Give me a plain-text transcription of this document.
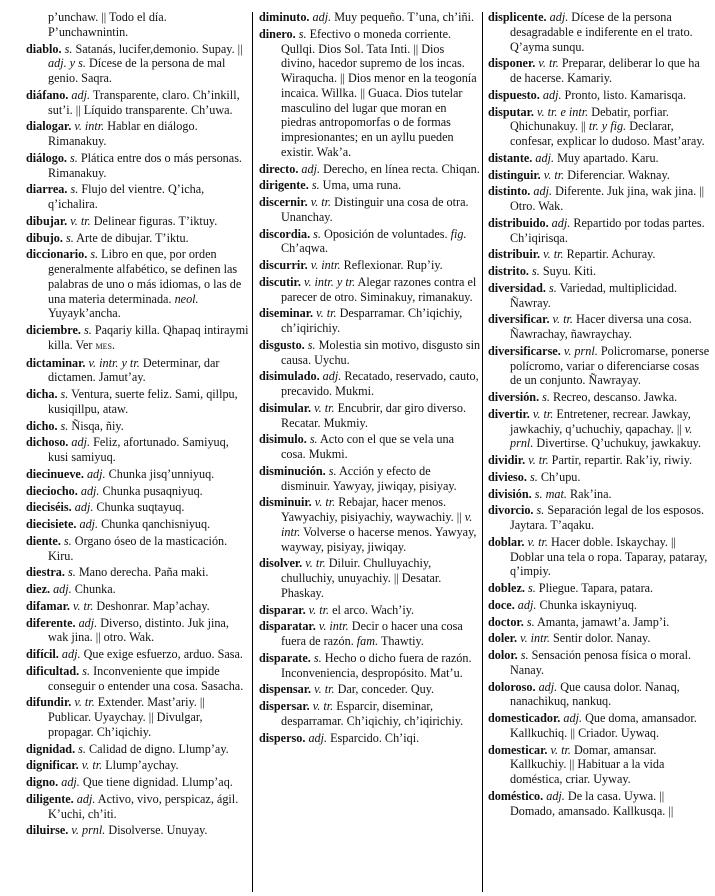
p’unchaw. || Todo el día. P’unchawnintin.
diablo. s. Satanás, lucifer,demonio. Supay. || adj. y s. Dícese de la persona de mal genio. Saqra.
diáfano. adj. Transparente, claro. Ch’inkill, sut’i. || Líquido transparente. Ch’uwa.
dialogar. v. intr. Hablar en diálogo. Rimanakuy.
diálogo. s. Plática entre dos o más personas. Rimanakuy.
diarrea. s. Flujo del vientre. Q’icha, q’ichalira.
dibujar. v. tr. Delinear figuras. T’iktuy.
dibujo. s. Arte de dibujar. T’iktu.
diccionario. s. Libro en que, por orden generalmente alfabético, se definen las palabras de uno o más idiomas, o las de una materia determinada. neol. Yuyayk’ancha.
diciembre. s. Paqariy killa. Qhapaq intiraymi killa. Ver mes.
dictaminar. v. intr. y tr. Determinar, dar dictamen. Jamut’ay.
dicha. s. Ventura, suerte feliz. Sami, qillpu, kusiqillpu, ataw.
dicho. s. Ñisqa, ñiy.
dichoso. adj. Feliz, afortunado. Samiyuq, kusi samiyuq.
diecinueve. adj. Chunka jisq’unniyuq.
dieciocho. adj. Chunka pusaqniyuq.
dieciséis. adj. Chunka suqtayuq.
diecisiete. adj. Chunka qanchisniyuq.
diente. s. Organo óseo de la masticación. Kiru.
diestra. s. Mano derecha. Paña maki.
diez. adj. Chunka.
difamar. v. tr. Deshonrar. Map’achay.
diferente. adj. Diverso, distinto. Juk jina, wak jina. || otro. Wak.
difícil. adj. Que exige esfuerzo, arduo. Sasa.
dificultad. s. Inconveniente que impide conseguir o entender una cosa. Sasacha.
difundir. v. tr. Extender. Mast’ariy. || Publicar. Uyaychay. || Divulgar, propagar. Ch’iqichiy.
dignidad. s. Calidad de digno. Llump’ay.
dignificar. v. tr. Llump’aychay.
digno. adj. Que tiene dignidad. Llump’aq.
diligente. adj. Activo, vivo, perspicaz, ágil. K’uchi, ch’iti.
diluirse. v. prnl. Disolverse. Unuyay.
diminuto. adj. Muy pequeño. T’una, ch’iñi.
dinero. s. Efectivo o moneda corriente. Qullqi. Dios Sol. Tata Inti. || Dios divino, hacedor supremo de los incas. Wiraqucha. || Dios menor en la teogonía incaica. Willka. || Guaca. Dios tutelar masculino del lugar que moran en piedras antropomorfas o de formas impresionantes; en un ayllu pueden existir. Wak’a.
directo. adj. Derecho, en línea recta. Chiqan.
dirigente. s. Uma, uma runa.
discernir. v. tr. Distinguir una cosa de otra. Unanchay.
discordia. s. Oposición de voluntades. fig. Ch’aqwa.
discurrir. v. intr. Reflexionar. Rup’iy.
discutir. v. intr. y tr. Alegar razones contra el parecer de otro. Siminakuy, rimanakuy.
diseminar. v. tr. Desparramar. Ch’iqichiy, ch’iqirichiy.
disgusto. s. Molestia sin motivo, disgusto sin causa. Uychu.
disimulado. adj. Recatado, reservado, cauto, precavido. Mukmi.
disimular. v. tr. Encubrir, dar giro diverso. Recatar. Mukmiy.
disimulo. s. Acto con el que se vela una cosa. Mukmi.
disminución. s. Acción y efecto de disminuir. Yawyay, jiwiqay, pisiyay.
disminuir. v. tr. Rebajar, hacer menos. Yawyachiy, pisiyachiy, waywachiy. || v. intr. Volverse o hacerse menos. Yawyay, wayway, pisiyay, jiwiqay.
disolver. v. tr. Diluir. Chulluyachiy, chulluchiy, unuyachiy. || Desatar. Phaskay.
disparar. v. tr. el arco. Wach’iy.
disparatar. v. intr. Decir o hacer una cosa fuera de razón. fam. Thawtiy.
disparate. s. Hecho o dicho fuera de razón. Inconveniencia, despropósito. Mat’u.
dispensar. v. tr. Dar, conceder. Quy.
dispersar. v. tr. Esparcir, diseminar, desparramar. Ch’iqichiy, ch’iqirichiy.
disperso. adj. Esparcido. Ch’iqi.
displicente. adj. Dícese de la persona desagradable e indiferente en el trato. Q’ayma sunqu.
disponer. v. tr. Preparar, deliberar lo que ha de hacerse. Kamariy.
dispuesto. adj. Pronto, listo. Kamarisqa.
disputar. v. tr. e intr. Debatir, porfiar. Qhichunakuy. || tr. y fig. Declarar, confesar, explicar lo dudoso. Mast’aray.
distante. adj. Muy apartado. Karu.
distinguir. v. tr. Diferenciar. Waknay.
distinto. adj. Diferente. Juk jina, wak jina. || Otro. Wak.
distribuido. adj. Repartido por todas partes. Ch’iqirisqa.
distribuir. v. tr. Repartir. Achuray.
distrito. s. Suyu. Kiti.
diversidad. s. Variedad, multiplicidad. Ñawray.
diversificar. v. tr. Hacer diversa una cosa. Ñawrachay, ñawraychay.
diversificarse. v. prnl. Policromarse, ponerse polícromo, variar o diferenciarse cosas de un conjunto. Ñawrayay.
diversión. s. Recreo, descanso. Jawka.
divertir. v. tr. Entretener, recrear. Jawkay, jawkachiy, q’uchuchiy, qapachay. || v. prnl. Divertirse. Q’uchukuy, jawkakuy.
dividir. v. tr. Partir, repartir. Rak’iy, riwiy.
divieso. s. Ch’upu.
división. s. mat. Rak’ina.
divorcio. s. Separación legal de los esposos. Jaytara. T’aqaku.
doblar. v. tr. Hacer doble. Iskaychay. || Doblar una tela o ropa. Taparay, pataray, q’impiy.
doblez. s. Pliegue. Tapara, patara.
doce. adj. Chunka iskayniyuq.
doctor. s. Amanta, jamawt’a. Jamp’i.
doler. v. intr. Sentir dolor. Nanay.
dolor. s. Sensación penosa física o moral. Nanay.
doloroso. adj. Que causa dolor. Nanaq, nanachikuq, nankuq.
domesticador. adj. Que doma, amansador. Kallkuchiq. || Criador. Uywaq.
domesticar. v. tr. Domar, amansar. Kallkuchiy. || Habituar a la vida doméstica, criar. Uyway.
doméstico. adj. De la casa. Uywa. || Domado, amansado. Kallkusqa. ||
